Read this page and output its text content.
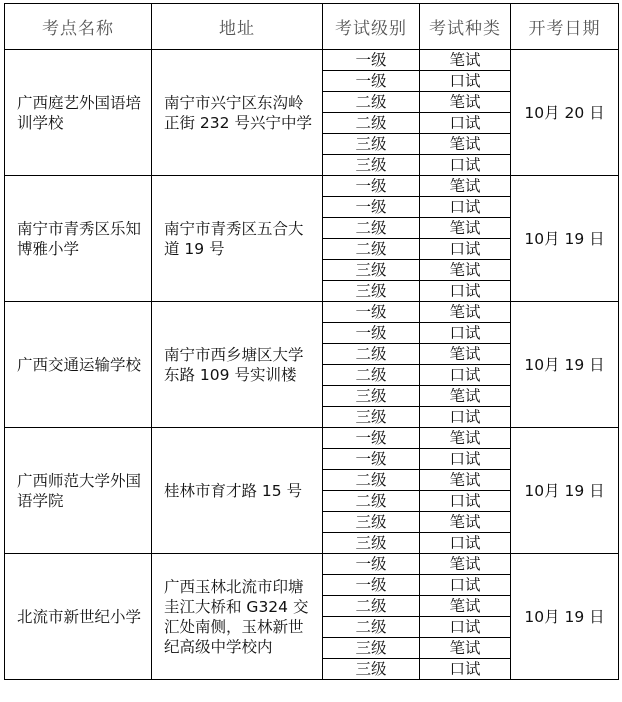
考点名称	地址	考试级别	考试种类	开考日期

广西庭艺外国语培训学校	南宁市兴宁区东沟岭正街 232 号兴宁中学	一级	笔试	10月 20 日
		一级	口试	
		二级	笔试	
		二级	口试	
		三级	笔试	
		三级	口试	

南宁市青秀区乐知博雅小学	南宁市青秀区五合大道 19 号	一级	笔试	10月 19 日
		一级	口试	
		二级	笔试	
		二级	口试	
		三级	笔试	
		三级	口试	

广西交通运输学校	南宁市西乡塘区大学东路 109 号实训楼	一级	笔试	10月 19 日
		一级	口试	
		二级	笔试	
		二级	口试	
		三级	笔试	
		三级	口试	

广西师范大学外国语学院	桂林市育才路 15 号	一级	笔试	10月 19 日
		一级	口试	
		二级	笔试	
		二级	口试	
		三级	笔试	
		三级	口试	

北流市新世纪小学	广西玉林北流市印塘圭江大桥和 G324 交汇处南侧，玉林新世纪高级中学校内	一级	笔试	10月 19 日
		一级	口试	
		二级	笔试	
		二级	口试	
		三级	笔试	
		三级	口试	
